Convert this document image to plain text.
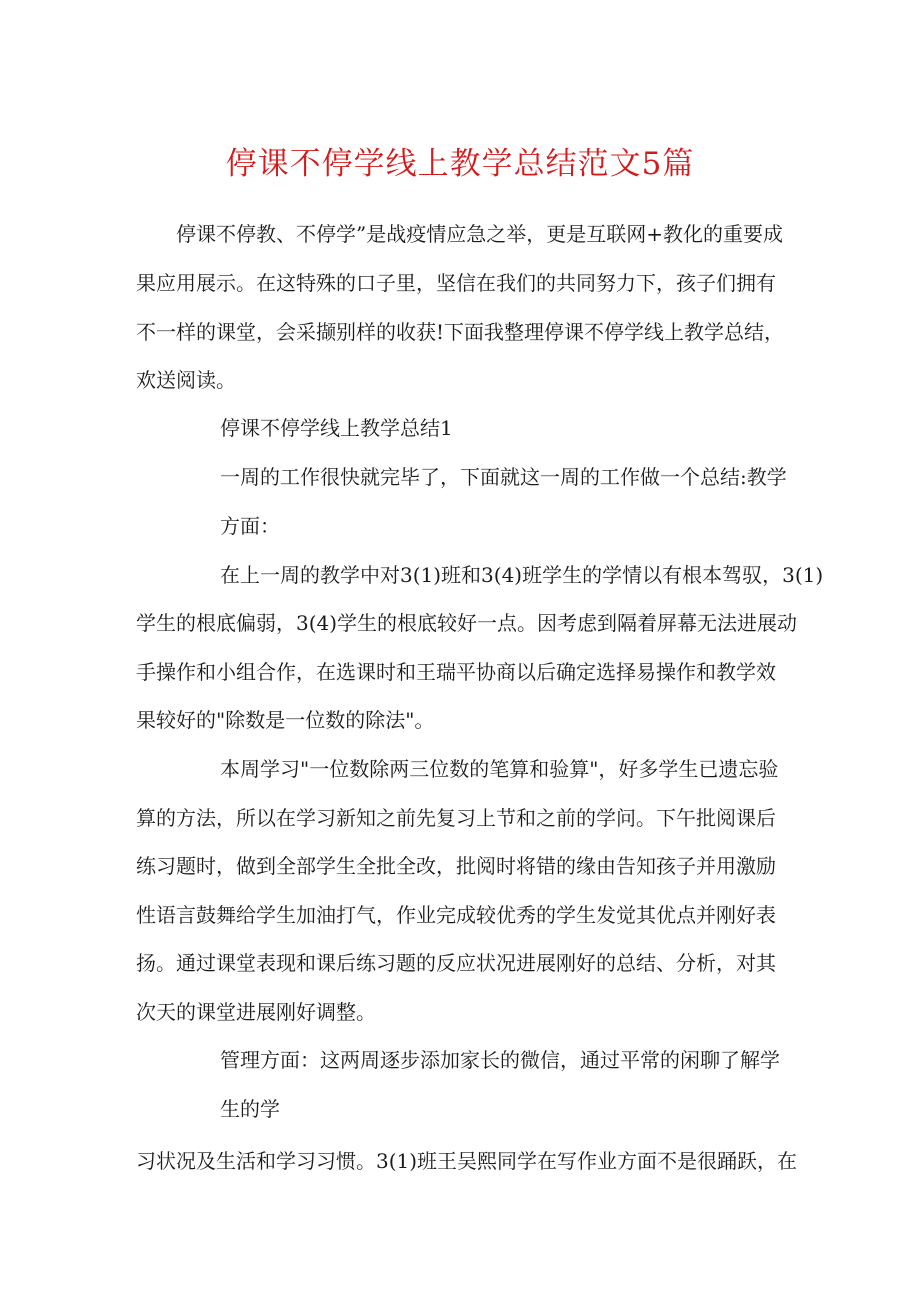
停课不停学线上教学总结范文5篇

停课不停教、不停学”是战疫情应急之举，更是互联网+教化的重要成

果应用展示。在这特殊的口子里，坚信在我们的共同努力下，孩子们拥有

不一样的课堂，会采撷别样的收获!下面我整理停课不停学线上教学总结，

欢送阅读。

停课不停学线上教学总结1

一周的工作很快就完毕了，下面就这一周的工作做一个总结:教学

方面：

在上一周的教学中对3(1)班和3(4)班学生的学情以有根本驾驭，3(1)

学生的根底偏弱，3(4)学生的根底较好一点。因考虑到隔着屏幕无法进展动

手操作和小组合作，在选课时和王瑞平协商以后确定选择易操作和教学效

果较好的"除数是一位数的除法"。

本周学习"一位数除两三位数的笔算和验算"，好多学生已遗忘验

算的方法，所以在学习新知之前先复习上节和之前的学问。下午批阅课后

练习题时，做到全部学生全批全改，批阅时将错的缘由告知孩子并用激励

性语言鼓舞给学生加油打气，作业完成较优秀的学生发觉其优点并刚好表

扬。通过课堂表现和课后练习题的反应状况进展刚好的总结、分析，对其

次天的课堂进展刚好调整。

管理方面：这两周逐步添加家长的微信，通过平常的闲聊了解学

生的学

习状况及生活和学习习惯。3(1)班王吴熙同学在写作业方面不是很踊跃，在
